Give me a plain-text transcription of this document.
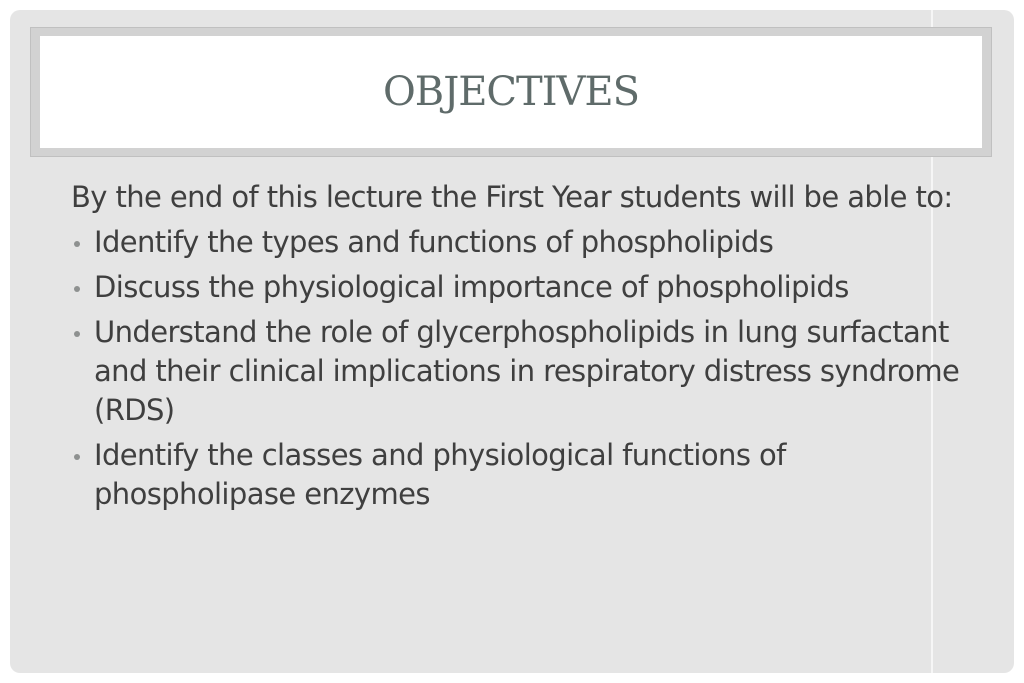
OBJECTIVES

By the end of this lecture the First Year students will be able to:

Identify the types and functions of phospholipids
Discuss the physiological importance of phospholipids
Understand the role of glycerphospholipids in lung surfactant and their clinical implications in respiratory distress syndrome (RDS)
Identify the classes and physiological functions of phospholipase enzymes
